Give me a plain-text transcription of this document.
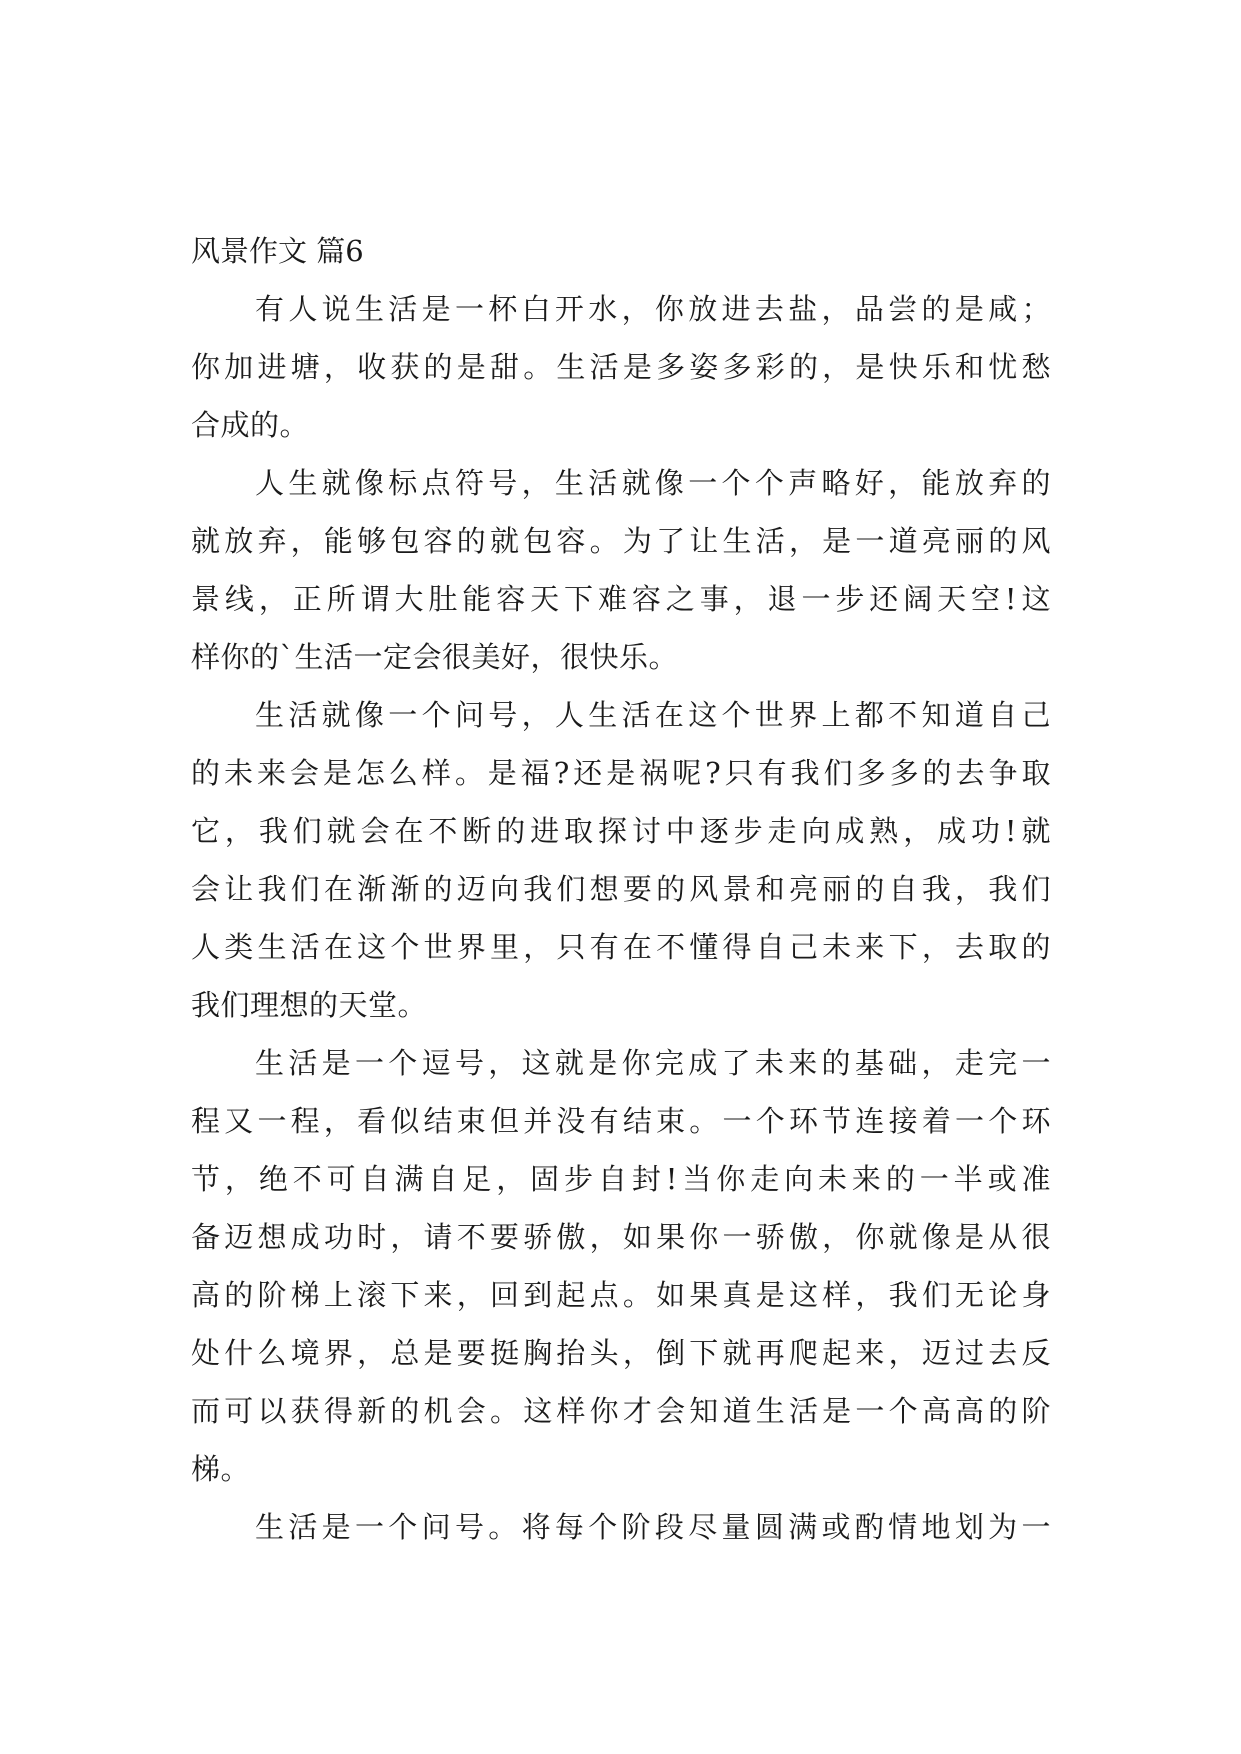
风景作文 篇6

有人说生活是一杯白开水，你放进去盐，品尝的是咸；
你加进塘，收获的是甜。生活是多姿多彩的，是快乐和忧愁
合成的。

人生就像标点符号，生活就像一个个声略好，能放弃的
就放弃，能够包容的就包容。为了让生活，是一道亮丽的风
景线，正所谓大肚能容天下难容之事，退一步还阔天空!这
样你的`生活一定会很美好，很快乐。

生活就像一个问号，人生活在这个世界上都不知道自己
的未来会是怎么样。是福?还是祸呢?只有我们多多的去争取
它，我们就会在不断的进取探讨中逐步走向成熟，成功!就
会让我们在渐渐的迈向我们想要的风景和亮丽的自我，我们
人类生活在这个世界里，只有在不懂得自己未来下，去取的
我们理想的天堂。

生活是一个逗号，这就是你完成了未来的基础，走完一
程又一程，看似结束但并没有结束。一个环节连接着一个环
节，绝不可自满自足，固步自封!当你走向未来的一半或准
备迈想成功时，请不要骄傲，如果你一骄傲，你就像是从很
高的阶梯上滚下来，回到起点。如果真是这样，我们无论身
处什么境界，总是要挺胸抬头，倒下就再爬起来，迈过去反
而可以获得新的机会。这样你才会知道生活是一个高高的阶
梯。

生活是一个问号。将每个阶段尽量圆满或酌情地划为一
